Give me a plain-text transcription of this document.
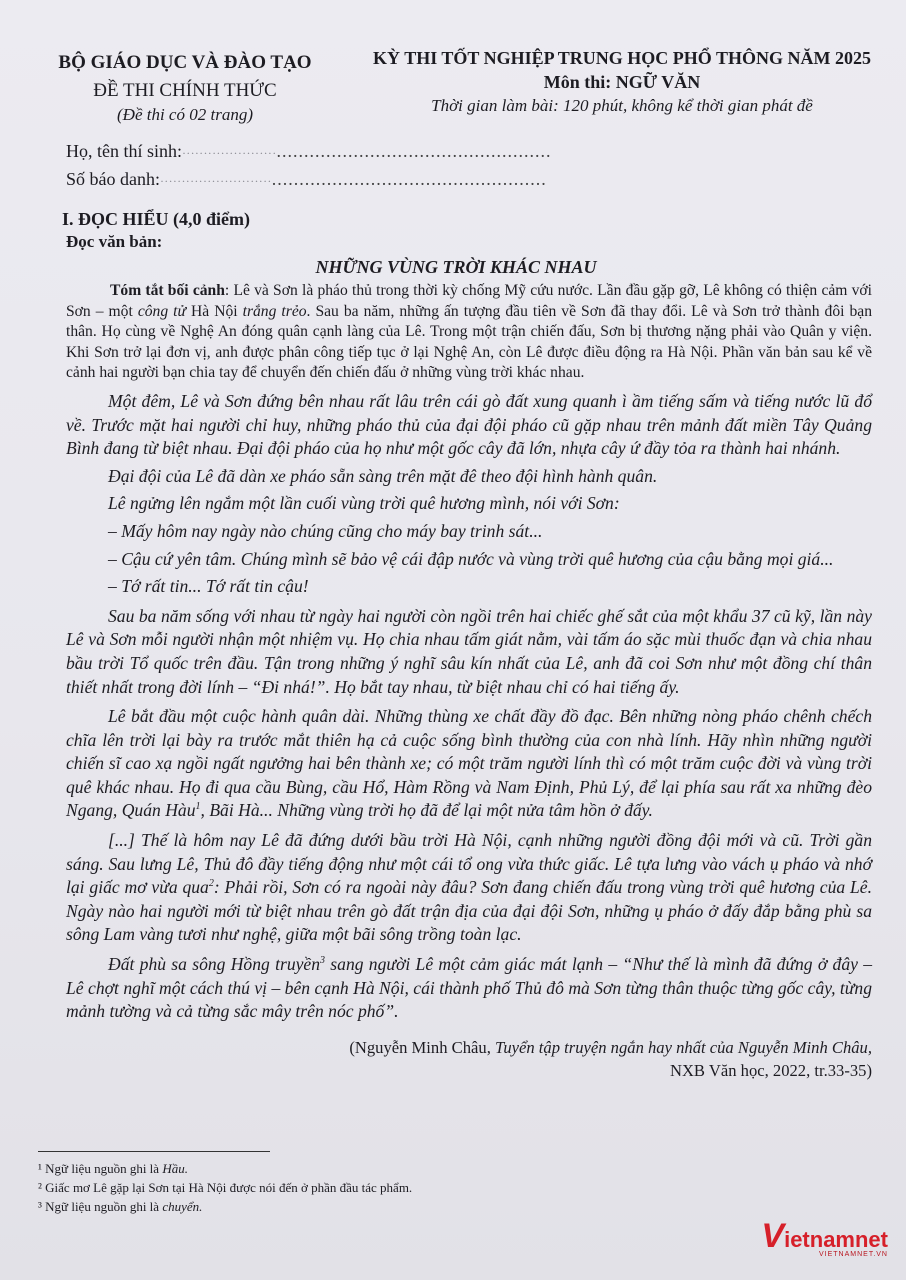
BỘ GIÁO DỤC VÀ ĐÀO TẠO
ĐỀ THI CHÍNH THỨC
(Đề thi có 02 trang)
KỲ THI TỐT NGHIỆP TRUNG HỌC PHỔ THÔNG NĂM 2025
Môn thi: NGỮ VĂN
Thời gian làm bài: 120 phút, không kể thời gian phát đề
Họ, tên thí sinh: ······················ ..................................................
Số báo danh: ·························· ..................................................
I. ĐỌC HIỂU (4,0 điểm)
Đọc văn bản:
NHỮNG VÙNG TRỜI KHÁC NHAU
Tóm tắt bối cảnh: Lê và Sơn là pháo thủ trong thời kỳ chống Mỹ cứu nước. Lần đầu gặp gỡ, Lê không có thiện cảm với Sơn – một công tử Hà Nội trắng trẻo. Sau ba năm, những ấn tượng đầu tiên về Sơn đã thay đổi. Lê và Sơn trở thành đôi bạn thân. Họ cùng về Nghệ An đóng quân cạnh làng của Lê. Trong một trận chiến đấu, Sơn bị thương nặng phải vào Quân y viện. Khi Sơn trở lại đơn vị, anh được phân công tiếp tục ở lại Nghệ An, còn Lê được điều động ra Hà Nội. Phần văn bản sau kể về cảnh hai người bạn chia tay để chuyển đến chiến đấu ở những vùng trời khác nhau.

Một đêm, Lê và Sơn đứng bên nhau rất lâu trên cái gò đất xung quanh ì ầm tiếng sấm và tiếng nước lũ đổ về. Trước mặt hai người chỉ huy, những pháo thủ của đại đội pháo cũ gặp nhau trên mảnh đất miền Tây Quảng Bình đang từ biệt nhau. Đại đội pháo của họ như một gốc cây đã lớn, nhựa cây ứ đầy tỏa ra thành hai nhánh.

Đại đội của Lê đã dàn xe pháo sẵn sàng trên mặt đê theo đội hình hành quân.

Lê ngửng lên ngắm một lần cuối vùng trời quê hương mình, nói với Sơn:

– Mấy hôm nay ngày nào chúng cũng cho máy bay trinh sát...

– Cậu cứ yên tâm. Chúng mình sẽ bảo vệ cái đập nước và vùng trời quê hương của cậu bằng mọi giá...

– Tớ rất tin... Tớ rất tin cậu!

Sau ba năm sống với nhau từ ngày hai người còn ngồi trên hai chiếc ghế sắt của một khẩu 37 cũ kỹ, lần này Lê và Sơn mỗi người nhận một nhiệm vụ. Họ chia nhau tấm giát nằm, vài tấm áo sặc mùi thuốc đạn và chia nhau bầu trời Tổ quốc trên đầu. Tận trong những ý nghĩ sâu kín nhất của Lê, anh đã coi Sơn như một đồng chí thân thiết nhất trong đời lính – “Đi nhá!”. Họ bắt tay nhau, từ biệt nhau chỉ có hai tiếng ấy.

Lê bắt đầu một cuộc hành quân dài. Những thùng xe chất đầy đồ đạc. Bên những nòng pháo chênh chếch chĩa lên trời lại bày ra trước mắt thiên hạ cả cuộc sống bình thường của con nhà lính. Hãy nhìn những người chiến sĩ cao xạ ngồi ngất ngưởng hai bên thành xe; có một trăm người lính thì có một trăm cuộc đời và vùng trời quê khác nhau. Họ đi qua cầu Bùng, cầu Hổ, Hàm Rồng và Nam Định, Phủ Lý, để lại phía sau rất xa những đèo Ngang, Quán Hàu$^1$, Bãi Hà... Những vùng trời họ đã để lại một nửa tâm hồn ở đấy.

[...] Thế là hôm nay Lê đã đứng dưới bầu trời Hà Nội, cạnh những người đồng đội mới và cũ. Trời gần sáng. Sau lưng Lê, Thủ đô đầy tiếng động như một cái tổ ong vừa thức giấc. Lê tựa lưng vào vách ụ pháo và nhớ lại giấc mơ vừa qua$^2$: Phải rồi, Sơn có ra ngoài này đâu? Sơn đang chiến đấu trong vùng trời quê hương của Lê. Ngày nào hai người mới từ biệt nhau trên gò đất trận địa của đại đội Sơn, những ụ pháo ở đấy đắp bằng phù sa sông Lam vàng tươi như nghệ, giữa một bãi sông trồng toàn lạc.

Đất phù sa sông Hồng truyền$^3$ sang người Lê một cảm giác mát lạnh – “Như thế là mình đã đứng ở đây – Lê chợt nghĩ một cách thú vị – bên cạnh Hà Nội, cái thành phố Thủ đô mà Sơn từng thân thuộc từng gốc cây, từng mảnh tường và cả từng sắc mây trên nóc phố”.

(Nguyễn Minh Châu, Tuyển tập truyện ngắn hay nhất của Nguyễn Minh Châu,
NXB Văn học, 2022, tr.33-35)
¹ Ngữ liệu nguồn ghi là Hầu.
² Giấc mơ Lê gặp lại Sơn tại Hà Nội được nói đến ở phần đầu tác phẩm.
³ Ngữ liệu nguồn ghi là chuyển.
Vietnamnet
VIETNAMNET.VN
